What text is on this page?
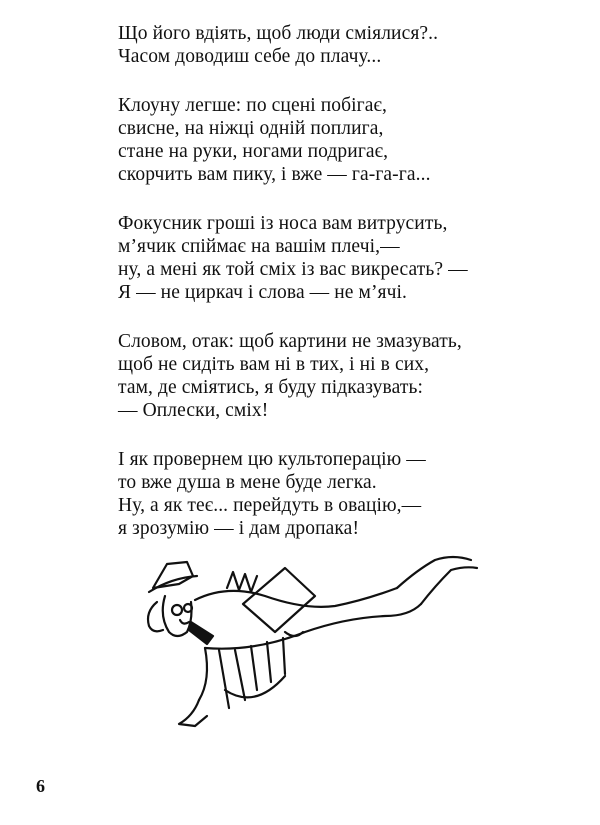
Що його вдіять, щоб люди сміялися?..
Часом доводиш себе до плачу...
Клоуну легше: по сцені побігає,
свисне, на ніжці одній поплига,
стане на руки, ногами подригає,
скорчить вам пику, і вже — га-га-га...
Фокусник гроші із носа вам витрусить,
м’ячик спіймає на вашім плечі,—
ну, а мені як той сміх із вас викресать? —
Я — не циркач і слова — не м’ячі.
Словом, отак: щоб картини не змазувать,
щоб не сидіть вам ні в тих, і ні в сих,
там, де сміятись, я буду підказувать:
— Оплески, сміх!
І як провернем цю культоперацію —
то вже душа в мене буде легка.
Ну, а як теє... перейдуть в овацію,—
я зрозумію — і дам дропака!
6
